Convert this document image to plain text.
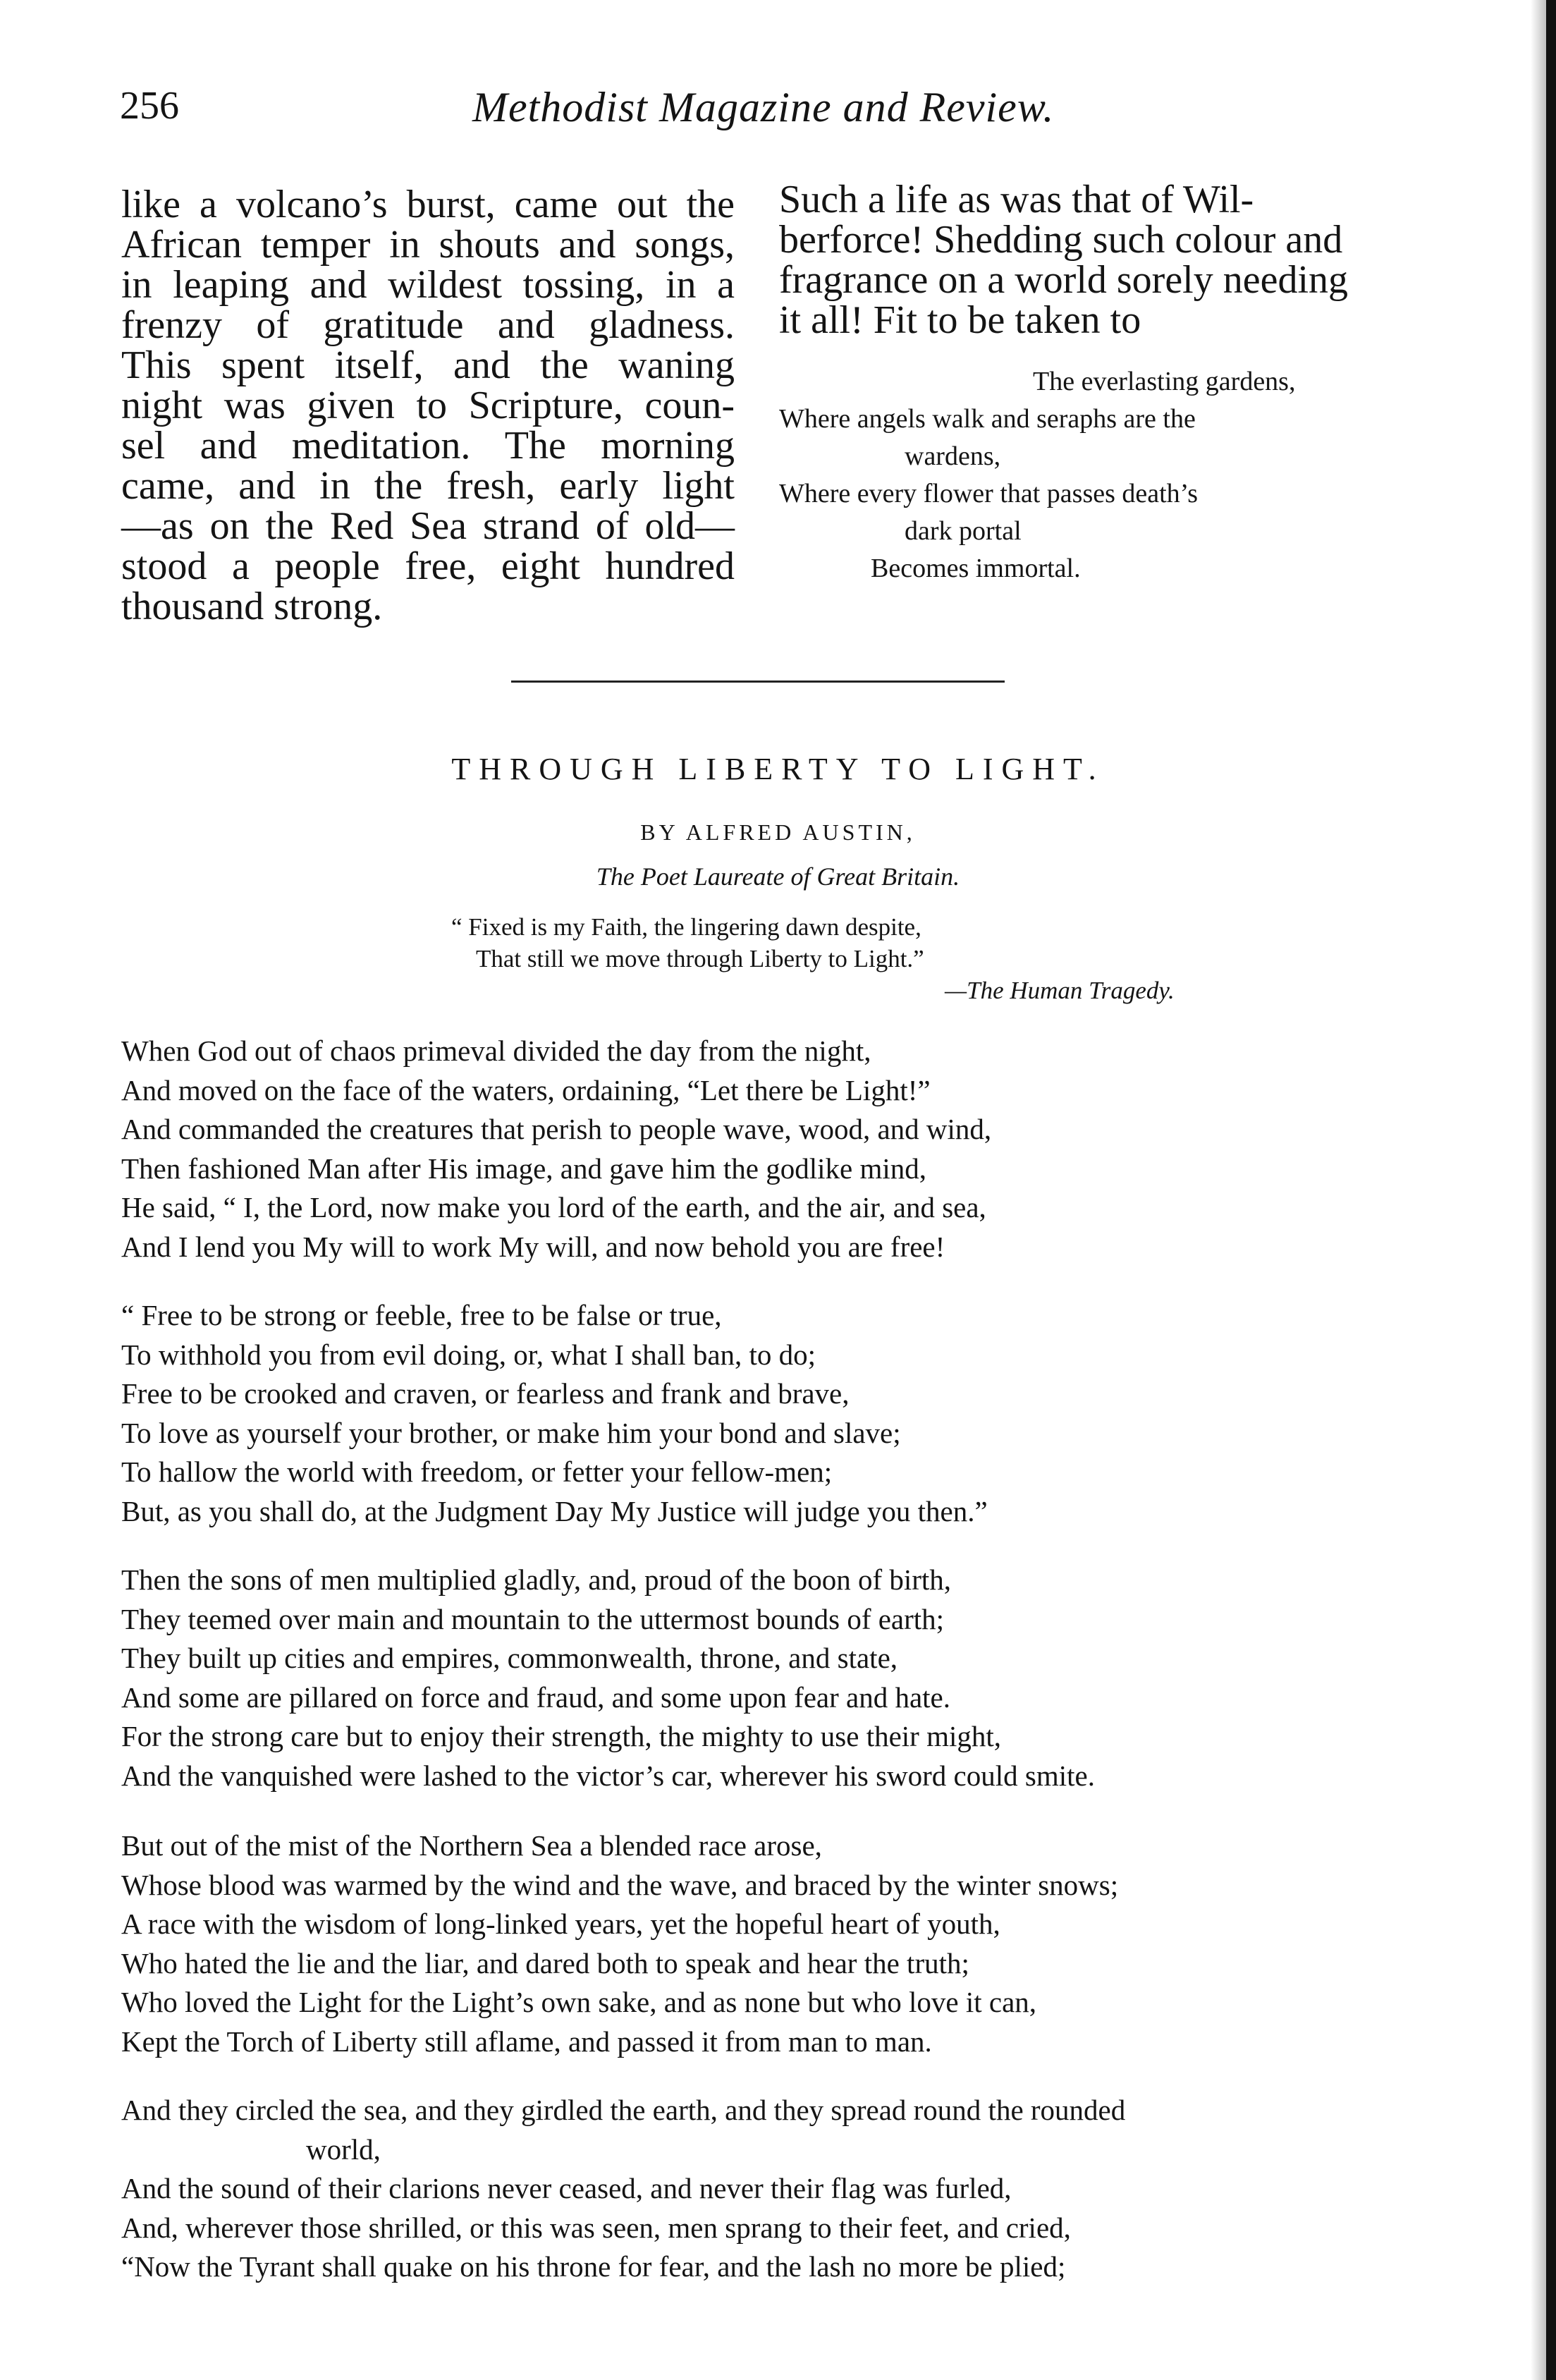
256	Methodist Magazine and Review.
like a volcano’s burst, came out the
African temper in shouts and songs,
in leaping and wildest tossing, in a
frenzy of gratitude and gladness.
This spent itself, and the waning
night was given to Scripture, coun-
sel and meditation. The morning
came, and in the fresh, early light
—as on the Red Sea strand of old—
stood a people free, eight hundred
thousand strong.
Such a life as was that of Wil-
berforce! Shedding such colour and
fragrance on a world sorely needing
it all! Fit to be taken to
The everlasting gardens,
Where angels walk and seraphs are the
wardens,
Where every flower that passes death’s
dark portal
Becomes immortal.
THROUGH LIBERTY TO LIGHT.
BY ALFRED AUSTIN,
The Poet Laureate of Great Britain.
“ Fixed is my Faith, the lingering dawn despite,
That still we move through Liberty to Light.”
—The Human Tragedy.
When God out of chaos primeval divided the day from the night,
And moved on the face of the waters, ordaining, “Let there be Light!”
And commanded the creatures that perish to people wave, wood, and wind,
Then fashioned Man after His image, and gave him the godlike mind,
He said, “ I, the Lord, now make you lord of the earth, and the air, and sea,
And I lend you My will to work My will, and now behold you are free!
“ Free to be strong or feeble, free to be false or true,
To withhold you from evil doing, or, what I shall ban, to do;
Free to be crooked and craven, or fearless and frank and brave,
To love as yourself your brother, or make him your bond and slave;
To hallow the world with freedom, or fetter your fellow-men;
But, as you shall do, at the Judgment Day My Justice will judge you then.”
Then the sons of men multiplied gladly, and, proud of the boon of birth,
They teemed over main and mountain to the uttermost bounds of earth;
They built up cities and empires, commonwealth, throne, and state,
And some are pillared on force and fraud, and some upon fear and hate.
For the strong care but to enjoy their strength, the mighty to use their might,
And the vanquished were lashed to the victor’s car, wherever his sword could smite.
But out of the mist of the Northern Sea a blended race arose,
Whose blood was warmed by the wind and the wave, and braced by the winter snows;
A race with the wisdom of long-linked years, yet the hopeful heart of youth,
Who hated the lie and the liar, and dared both to speak and hear the truth;
Who loved the Light for the Light’s own sake, and as none but who love it can,
Kept the Torch of Liberty still aflame, and passed it from man to man.
And they circled the sea, and they girdled the earth, and they spread round the rounded
world,
And the sound of their clarions never ceased, and never their flag was furled,
And, wherever those shrilled, or this was seen, men sprang to their feet, and cried,
“Now the Tyrant shall quake on his throne for fear, and the lash no more be plied;
